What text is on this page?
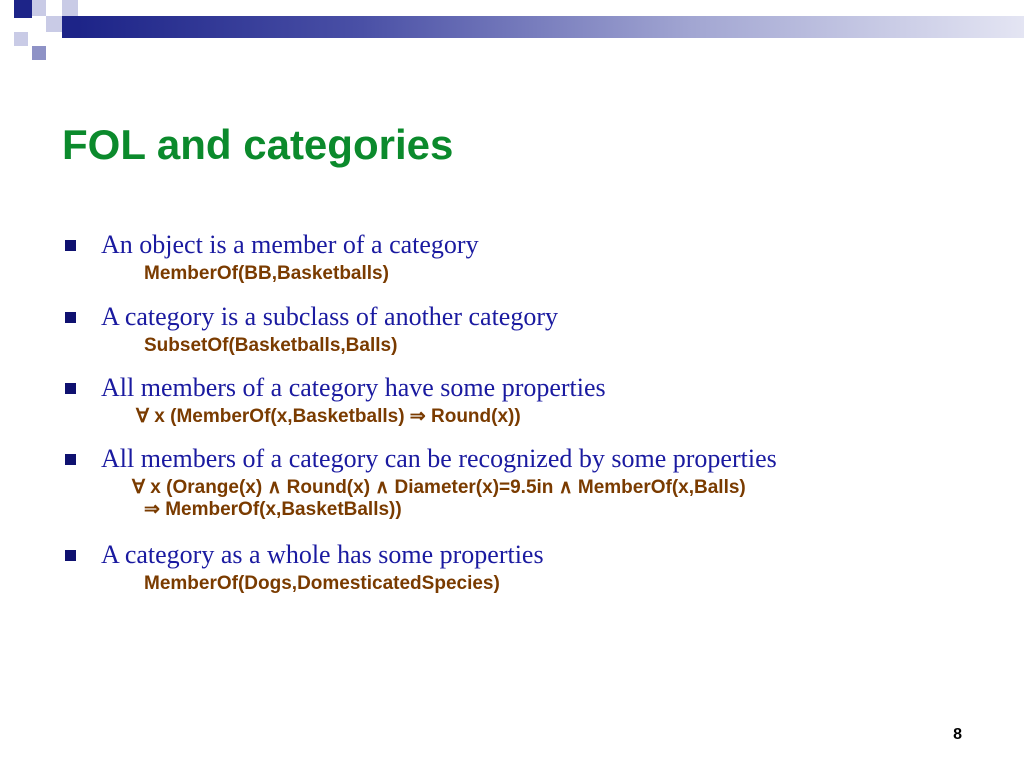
FOL and categories
An object is a member of a category
MemberOf(BB,Basketballs)
A category is a subclass of another category
SubsetOf(Basketballs,Balls)
All members of a category have some properties
∀ x (MemberOf(x,Basketballs) ⇒ Round(x))
All members of a category can be recognized by some properties
∀ x (Orange(x) ∧ Round(x) ∧ Diameter(x)=9.5in ∧ MemberOf(x,Balls)
⇒ MemberOf(x,BasketBalls))
A category as a whole has some properties
MemberOf(Dogs,DomesticatedSpecies)
8
